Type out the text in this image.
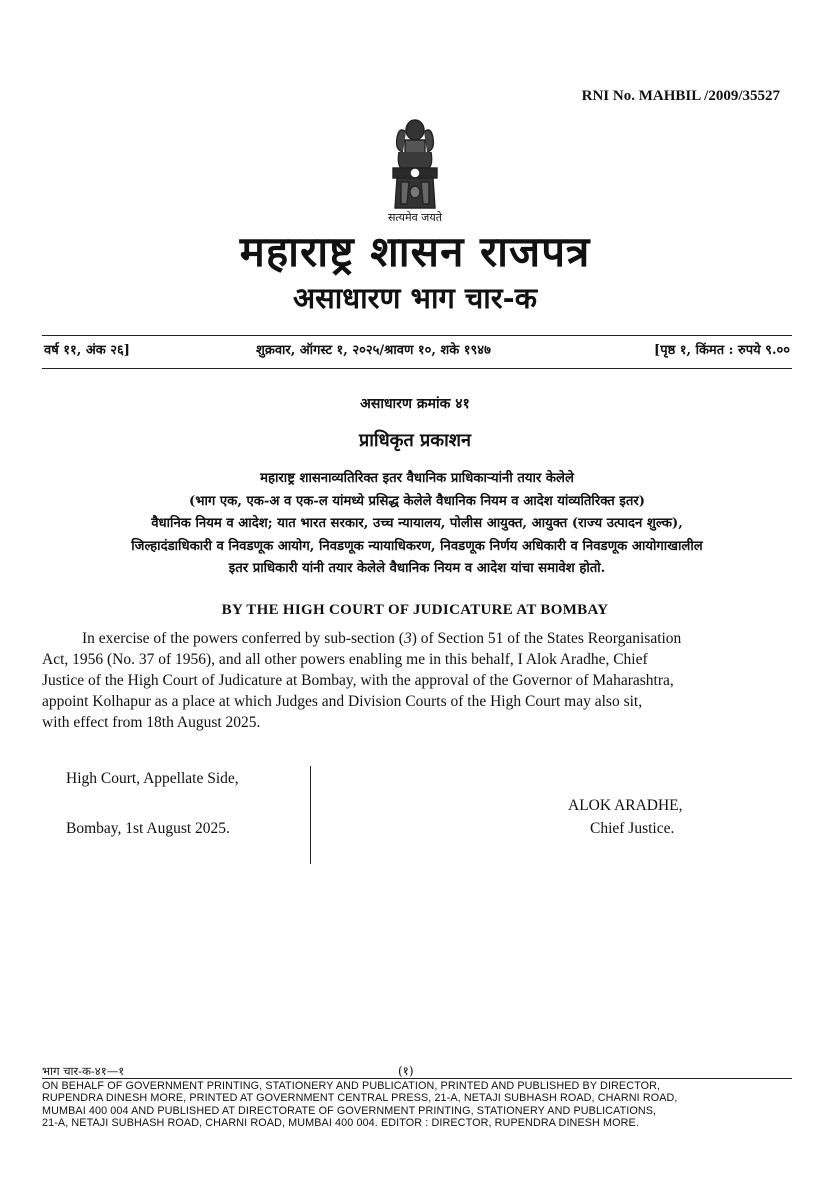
RNI No. MAHBIL /2009/35527
सत्यमेव जयते
महाराष्ट्र शासन राजपत्र
असाधारण भाग चार-क
वर्ष ११, अंक २६]	शुक्रवार, ऑगस्ट १, २०२५/श्रावण १०, शके १९४७	[पृष्ठ १, किंमत : रुपये ९.००
असाधारण क्रमांक ४१
प्राधिकृत प्रकाशन
महाराष्ट्र शासनाव्यतिरिक्त इतर वैधानिक प्राधिकाऱ्यांनी तयार केलेले
(भाग एक, एक-अ व एक-ल यांमध्ये प्रसिद्ध केलेले वैधानिक नियम व आदेश यांव्यतिरिक्त इतर)
वैधानिक नियम व आदेश; यात भारत सरकार, उच्च न्यायालय, पोलीस आयुक्त, आयुक्त (राज्य उत्पादन शुल्क),
जिल्हादंडाधिकारी व निवडणूक आयोग, निवडणूक न्यायाधिकरण, निवडणूक निर्णय अधिकारी व निवडणूक आयोगाखालील
इतर प्राधिकारी यांनी तयार केलेले वैधानिक नियम व आदेश यांचा समावेश होतो.
BY THE HIGH COURT OF JUDICATURE AT BOMBAY
In exercise of the powers conferred by sub-section (3) of Section 51 of the States Reorganisation
Act, 1956 (No. 37 of 1956), and all other powers enabling me in this behalf, I Alok Aradhe, Chief
Justice of the High Court of Judicature at Bombay, with the approval of the Governor of Maharashtra,
appoint Kolhapur as a place at which Judges and Division Courts of the High Court may also sit,
with effect from 18th August 2025.
High Court, Appellate Side,
Bombay, 1st August 2025.
ALOK ARADHE,
Chief Justice.
भाग चार-क-४१—१	(१)
ON BEHALF OF GOVERNMENT PRINTING, STATIONERY AND PUBLICATION, PRINTED AND PUBLISHED BY DIRECTOR,
RUPENDRA DINESH MORE, PRINTED AT GOVERNMENT CENTRAL PRESS, 21-A, NETAJI SUBHASH ROAD, CHARNI ROAD,
MUMBAI 400 004 AND PUBLISHED AT DIRECTORATE OF GOVERNMENT PRINTING, STATIONERY AND PUBLICATIONS,
21-A, NETAJI SUBHASH ROAD, CHARNI ROAD, MUMBAI 400 004. EDITOR : DIRECTOR, RUPENDRA DINESH MORE.
